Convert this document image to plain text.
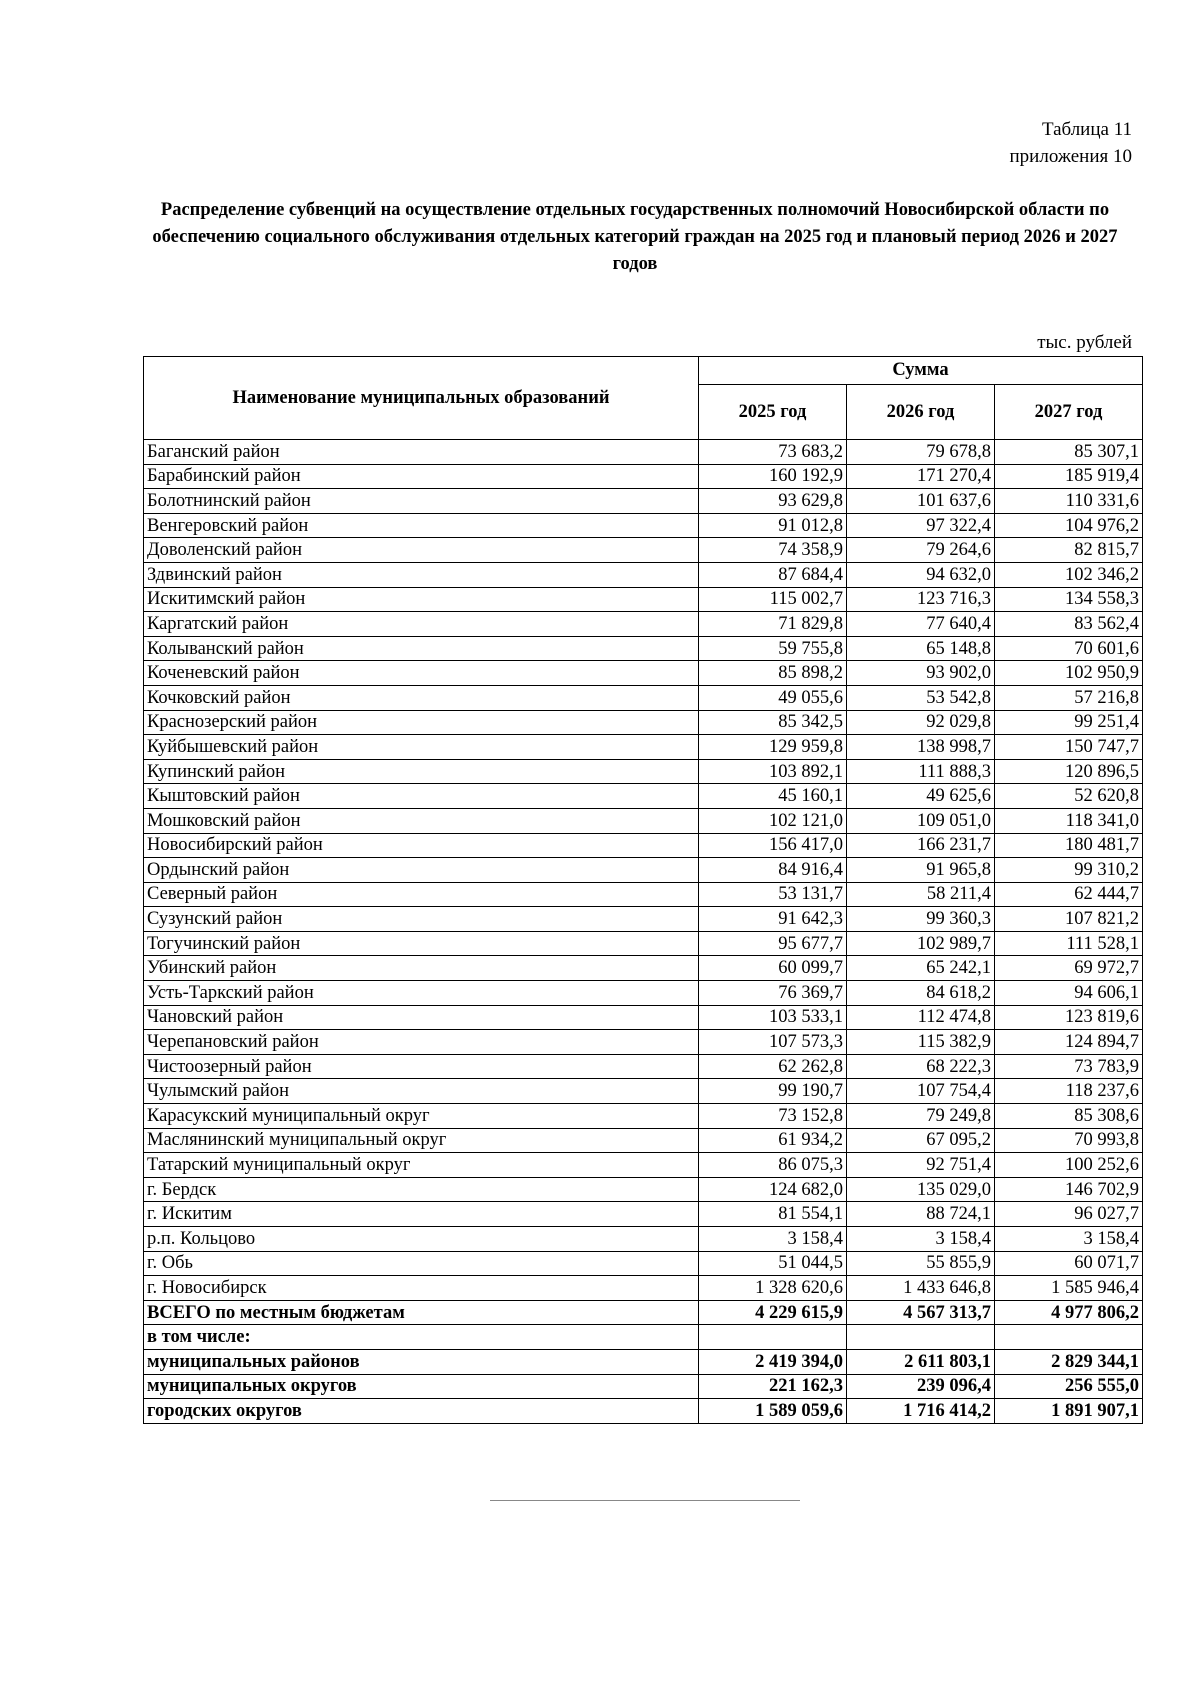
Таблица 11
приложения 10
Распределение субвенций на осуществление отдельных государственных полномочий Новосибирской области по обеспечению социального обслуживания отдельных категорий граждан на 2025 год и плановый период 2026 и 2027 годов
тыс. рублей
Наименование муниципальных образований	Сумма		
	2025 год	2026 год	2027 год
Баганский район	73 683,2	79 678,8	85 307,1
Барабинский район	160 192,9	171 270,4	185 919,4
Болотнинский район	93 629,8	101 637,6	110 331,6
Венгеровский район	91 012,8	97 322,4	104 976,2
Доволенский район	74 358,9	79 264,6	82 815,7
Здвинский район	87 684,4	94 632,0	102 346,2
Искитимский район	115 002,7	123 716,3	134 558,3
Каргатский район	71 829,8	77 640,4	83 562,4
Колыванский район	59 755,8	65 148,8	70 601,6
Коченевский район	85 898,2	93 902,0	102 950,9
Кочковский район	49 055,6	53 542,8	57 216,8
Краснозерский район	85 342,5	92 029,8	99 251,4
Куйбышевский район	129 959,8	138 998,7	150 747,7
Купинский район	103 892,1	111 888,3	120 896,5
Кыштовский район	45 160,1	49 625,6	52 620,8
Мошковский район	102 121,0	109 051,0	118 341,0
Новосибирский район	156 417,0	166 231,7	180 481,7
Ордынский район	84 916,4	91 965,8	99 310,2
Северный район	53 131,7	58 211,4	62 444,7
Сузунский район	91 642,3	99 360,3	107 821,2
Тогучинский район	95 677,7	102 989,7	111 528,1
Убинский район	60 099,7	65 242,1	69 972,7
Усть-Таркский район	76 369,7	84 618,2	94 606,1
Чановский район	103 533,1	112 474,8	123 819,6
Черепановский район	107 573,3	115 382,9	124 894,7
Чистоозерный район	62 262,8	68 222,3	73 783,9
Чулымский район	99 190,7	107 754,4	118 237,6
Карасукский муниципальный округ	73 152,8	79 249,8	85 308,6
Маслянинский муниципальный округ	61 934,2	67 095,2	70 993,8
Татарский муниципальный округ	86 075,3	92 751,4	100 252,6
г. Бердск	124 682,0	135 029,0	146 702,9
г. Искитим	81 554,1	88 724,1	96 027,7
р.п. Кольцово	3 158,4	3 158,4	3 158,4
г. Обь	51 044,5	55 855,9	60 071,7
г. Новосибирск	1 328 620,6	1 433 646,8	1 585 946,4
ВСЕГО по местным бюджетам	4 229 615,9	4 567 313,7	4 977 806,2
в том числе:			
муниципальных районов	2 419 394,0	2 611 803,1	2 829 344,1
муниципальных округов	221 162,3	239 096,4	256 555,0
городских округов	1 589 059,6	1 716 414,2	1 891 907,1
